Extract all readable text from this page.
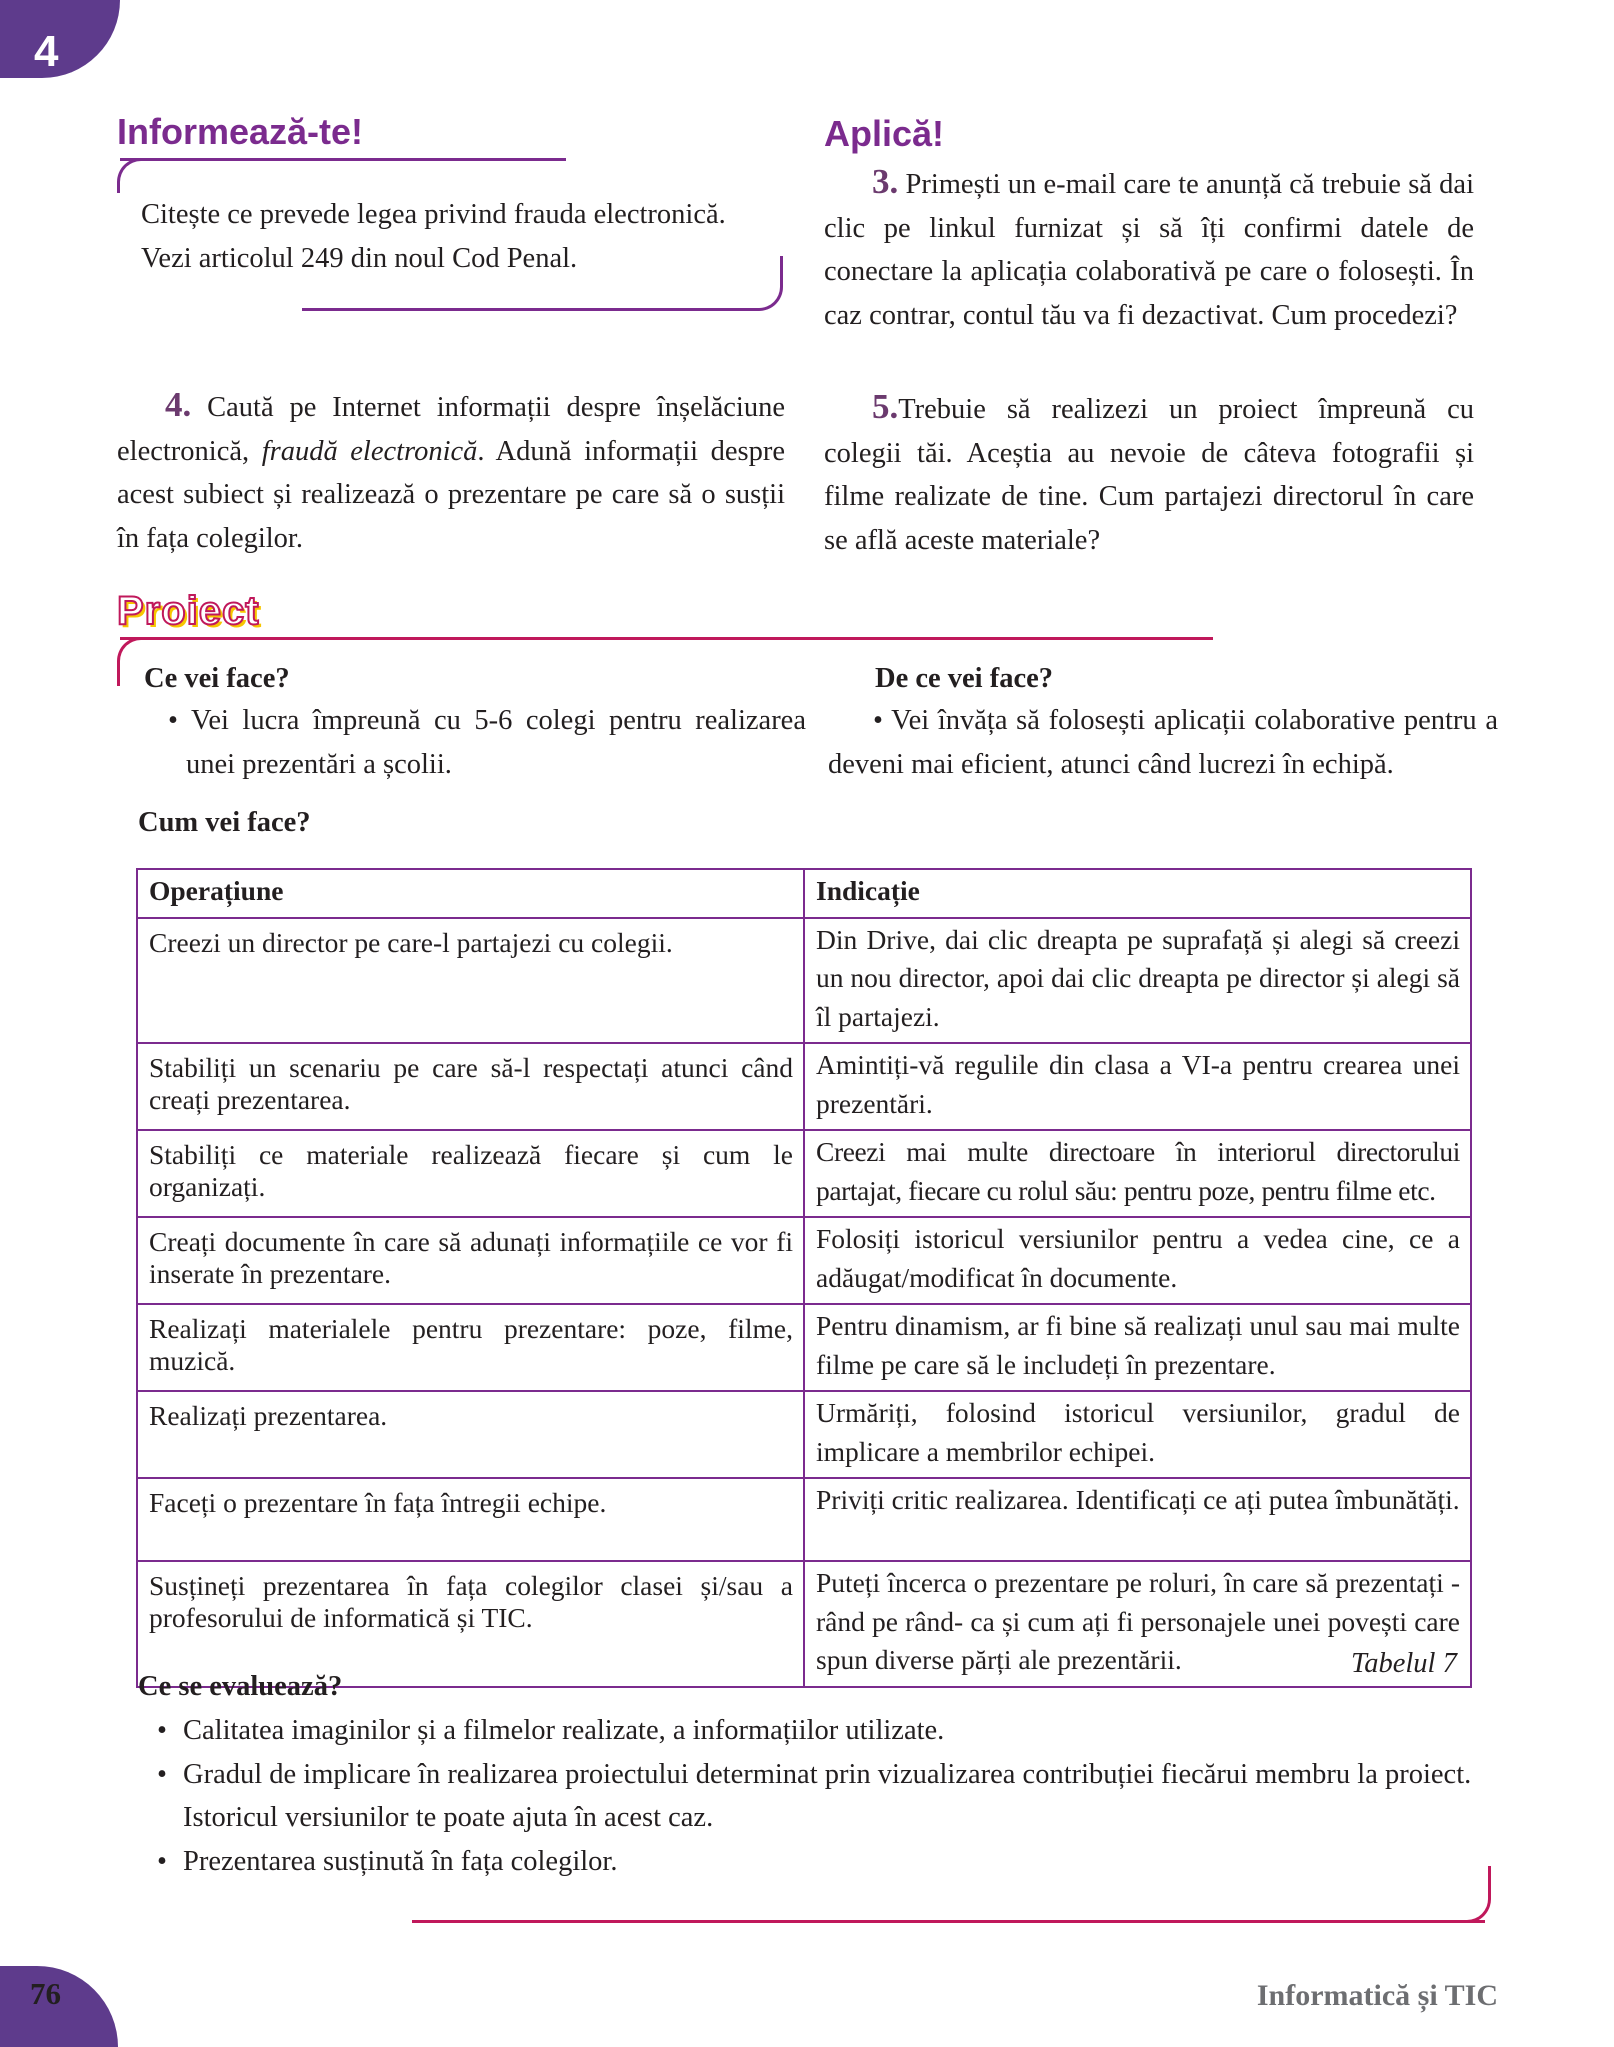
4
Informează-te!

Citește ce prevede legea privind frauda electronică. Vezi articolul 249 din noul Cod Penal.

4. Caută pe Internet informații despre înșelăciune electronică, fraudă electronică. Adună informații despre acest subiect și realizează o prezentare pe care să o susții în fața colegilor.

Aplică!

3. Primești un e-mail care te anunță că trebuie să dai clic pe linkul furnizat și să îți confirmi datele de conectare la aplicația colaborativă pe care o folosești. În caz contrar, contul tău va fi dezactivat. Cum procedezi?

5.Trebuie să realizezi un proiect împreună cu colegii tăi. Aceștia au nevoie de câteva fotografii și filme realizate de tine. Cum partajezi directorul în care se află aceste materiale?

Proiect
Ce vei face?

• Vei lucra împreună cu 5-6 colegi pentru realizarea unei prezentări a școlii.

De ce vei face?

• Vei învăța să folosești aplicații colaborative pentru a deveni mai eficient, atunci când lucrezi în echipă.

Cum vei face?
Operațiune	Indicație
Creezi un director pe care-l partajezi cu colegii.	Din Drive, dai clic dreapta pe suprafață și alegi să creezi un nou director, apoi dai clic dreapta pe director și alegi să îl partajezi.
Stabiliți un scenariu pe care să-l respectați atunci când creați prezentarea.	Amintiți-vă regulile din clasa a VI-a pentru crearea unei prezentări.
Stabiliți ce materiale realizează fiecare și cum le organizați.	Creezi mai multe directoare în interiorul directorului partajat, fiecare cu rolul său: pentru poze, pentru filme etc.
Creați documente în care să adunați informațiile ce vor fi inserate în prezentare.	Folosiți istoricul versiunilor pentru a vedea cine, ce a adăugat/modificat în documente.
Realizați materialele pentru prezentare: poze, filme, muzică.	Pentru dinamism, ar fi bine să realizați unul sau mai multe filme pe care să le includeți în prezentare.
Realizați prezentarea.	Urmăriți, folosind istoricul versiunilor, gradul de implicare a membrilor echipei.
Faceți o prezentare în fața întregii echipe.	Priviți critic realizarea. Identificați ce ați putea îmbunătăți.
Susțineți prezentarea în fața colegilor clasei și/sau a profesorului de informatică și TIC.	Puteți încerca o prezentare pe roluri, în care să prezentați - rând pe rând- ca și cum ați fi personajele unei povești care spun diverse părți ale prezentării.	Tabelul 7
Ce se evaluează?
• Calitatea imaginilor și a filmelor realizate, a informațiilor utilizate.
• Gradul de implicare în realizarea proiectului determinat prin vizualizarea contribuției fiecărui membru la proiect. Istoricul versiunilor te poate ajuta în acest caz.
• Prezentarea susținută în fața colegilor.
76	Informatică și TIC
